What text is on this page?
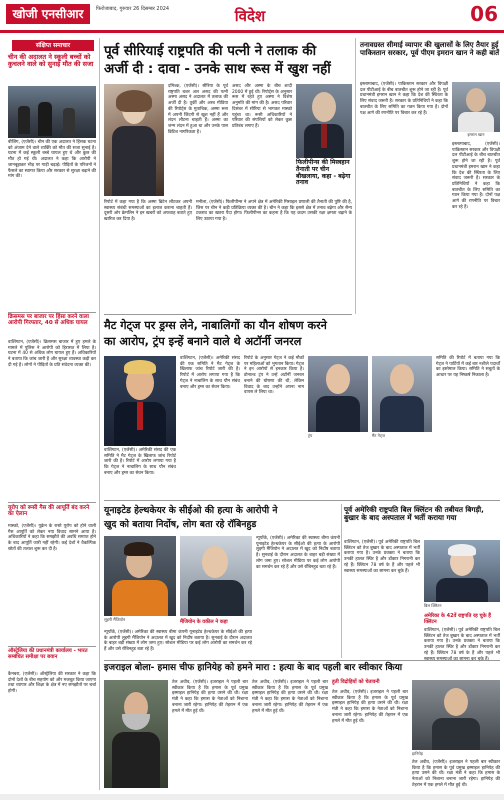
खोजी एनसीआर	फिरोजाबाद, गुरुवार 26 दिसम्बर 2024	विदेश	06
संक्षिप्त समाचार
चीन की अदालत ने स्कूली बच्चों को कुचलने वाले को सुनाई मौत की सजा
बीजिंग, (एजेंसी)। चीन की एक अदालत ने हिंसक घटना को अंजाम देने वाले व्यक्ति को मौत की सजा सुनाई है। घटना में कई स्कूली बच्चे घायल हुए थे और कुछ की मौत हो गई थी। अदालत ने कहा कि आरोपी ने जानबूझकर भीड़ पर गाड़ी चढ़ाई। पीड़ितों के परिजनों ने फैसले का स्वागत किया और सरकार से सुरक्षा बढ़ाने की मांग की।
क्रिसमस पर बाजार पर हिंसा करने वाला आरोपी गिरफ्तार, 40 से अधिक घायल
वाशिंगटन, (एजेंसी)। क्रिसमस बाजार में हुए हमले के मामले में पुलिस ने आरोपी को हिरासत में लिया है। घटना में 40 से अधिक लोग घायल हुए हैं। अधिकारियों ने बताया कि जांच जारी है और सुरक्षा व्यवस्था कड़ी कर दी गई है। लोगों ने पीड़ितों के प्रति संवेदना व्यक्त की।
यूरोप को रूसी गैस की आपूर्ति बंद करने का ऐलान
मास्को, (एजेंसी)। यूक्रेन के रास्ते यूरोप को होने वाली गैस आपूर्ति को लेकर नया विवाद सामने आया है। अधिकारियों ने कहा कि समझौते की अवधि समाप्त होने के बाद आपूर्ति जारी नहीं रहेगी। कई देशों ने वैकल्पिक स्रोतों की तलाश शुरू कर दी है।
ऑस्ट्रेलिया की प्रधानमंत्री कार्यालय - भारत सम्बंधित समीक्षा पर बयान
कैनबरा, (एजेंसी)। ऑस्ट्रेलिया की सरकार ने कहा कि दोनों देशों के बीच सहयोग को और मजबूत किया जाएगा तथा व्यापार और शिक्षा के क्षेत्र में नए समझौतों पर चर्चा होगी।
पूर्व सीरियाई राष्ट्रपति की पत्नी ने तलाक की
अर्जी दी : दावा - उनके साथ रूस में खुश नहीं
दमिश्क, (एजेंसी)। सीरिया के पूर्व राष्ट्रपति बशर अल असद की पत्नी अस्मा असद ने अदालत में तलाक की अर्जी दी है। तुर्की और अरब मीडिया की रिपोर्ट्स के मुताबिक, अस्मा रूस में अपनी जिंदगी से खुश नहीं हैं और लंदन लौटना चाहती हैं। अस्मा का जन्म लंदन में हुआ था और उनके पास ब्रिटिश नागरिकता है।
असद और अस्मा के बीच शादी 2000 में हुई थी। रिपोर्ट्स के अनुसार रूस में रहते हुए अस्मा ने विशेष अनुमति की मांग की है। असद परिवार दिसंबर में सीरिया से भागकर मास्को पहुंचा था। रूसी अधिकारियों ने परिवार की संपत्तियों को लेकर कुछ प्रतिबंध लगाए हैं।
फिलीपीन्स की मिस्त्रहान तैनाती पर चीन बौखलाया, कहा - बढ़ेगा तनाव
रिपोर्ट में कहा गया है कि अस्मा ब्रिटेन लौटकर अपनी स्वास्थ्य संबंधी समस्याओं का इलाज कराना चाहती हैं। दूसरी ओर क्रेमलिन ने इन खबरों को अफवाह बताते हुए खारिज कर दिया है।
मनीला, (एजेंसी)। फिलीपीन्स ने अपने क्षेत्र में अमेरिकी मिसाइल प्रणाली की तैनाती की पुष्टि की है, जिस पर चीन ने कड़ी प्रतिक्रिया व्यक्त की है। चीन ने कहा कि इससे क्षेत्र में तनाव बढ़ेगा और सैन्य टकराव का खतरा पैदा होगा। फिलीपीन्स का कहना है कि यह कदम उसकी रक्षा क्षमता बढ़ाने के लिए उठाया गया है।
तनावग्रस्त सीमाई व्यापार की खुलासों के लिए तैयार हुई पाकिस्तान सरकार, पूर्व पीएम इमरान खान ने कही बातें
इमरान खान
इस्लामाबाद, (एजेंसी)। पाकिस्तान सरकार और विपक्षी दल पीटीआई के बीच बातचीत शुरू होने जा रही है। पूर्व प्रधानमंत्री इमरान खान ने कहा कि देश की स्थिरता के लिए संवाद जरूरी है। सरकार के प्रतिनिधियों ने कहा कि बातचीत के लिए समिति का गठन किया गया है। दोनों पक्ष आगे की रणनीति पर विचार कर रहे हैं।
इस्लामाबाद, (एजेंसी)। पाकिस्तान सरकार और विपक्षी दल पीटीआई के बीच बातचीत शुरू होने जा रही है। पूर्व प्रधानमंत्री इमरान खान ने कहा कि देश की स्थिरता के लिए संवाद जरूरी है। सरकार के प्रतिनिधियों ने कहा कि बातचीत के लिए समिति का गठन किया गया है। दोनों पक्ष आगे की रणनीति पर विचार कर रहे हैं।
मैट गेट्ज पर ड्रग्स लेने, नाबालिगों का यौन शोषण करने
का आरोप, ट्रंप इन्हें बनाने वाले थे अटॉर्नी जनरल
वाशिंगटन, (एजेंसी)। अमेरिकी संसद की एक समिति ने मैट गेट्ज के खिलाफ जांच रिपोर्ट जारी की है। रिपोर्ट में आरोप लगाया गया है कि गेट्ज ने नाबालिग के साथ यौन संबंध बनाए और ड्रग्स का सेवन किया।
रिपोर्ट के अनुसार गेट्ज ने कई मौकों पर महिलाओं को भुगतान किया। गेट्ज ने इन आरोपों से इनकार किया है। डोनाल्ड ट्रंप ने उन्हें अटॉर्नी जनरल बनाने की घोषणा की थी, लेकिन विवाद के बाद उन्होंने अपना नाम वापस ले लिया था।
ट्रंप	मैट गेट्ज
समिति की रिपोर्ट में बताया गया कि गेट्ज ने पार्टियों में कई बार नशीले पदार्थों का इस्तेमाल किया। समिति ने सबूतों के आधार पर यह निष्कर्ष निकाला है।
वाशिंगटन, (एजेंसी)। अमेरिकी संसद की एक समिति ने मैट गेट्ज के खिलाफ जांच रिपोर्ट जारी की है। रिपोर्ट में आरोप लगाया गया है कि गेट्ज ने नाबालिग के साथ यौन संबंध बनाए और ड्रग्स का सेवन किया।
यूनाइटेड हेल्थकेयर के सीईओ की हत्या के आरोपी ने
खुद को बताया निर्दोष, लोग बता रहे रॉबिनहुड
लुइगी मैंजियोन
न्यूयॉर्क, (एजेंसी)। अमेरिका की स्वास्थ्य बीमा कंपनी यूनाइटेड हेल्थकेयर के सीईओ की हत्या के आरोपी लुइगी मैंजियोन ने अदालत में खुद को निर्दोष बताया है। सुनवाई के दौरान अदालत के बाहर बड़ी संख्या में लोग जमा हुए। सोशल मीडिया पर कई लोग आरोपी का समर्थन कर रहे हैं और उसे रॉबिनहुड बता रहे हैं।
मैंजियोन के वकील ने कहा
न्यूयॉर्क, (एजेंसी)। अमेरिका की स्वास्थ्य बीमा कंपनी यूनाइटेड हेल्थकेयर के सीईओ की हत्या के आरोपी लुइगी मैंजियोन ने अदालत में खुद को निर्दोष बताया है। सुनवाई के दौरान अदालत के बाहर बड़ी संख्या में लोग जमा हुए। सोशल मीडिया पर कई लोग आरोपी का समर्थन कर रहे हैं और उसे रॉबिनहुड बता रहे हैं।
पूर्व अमेरिकी राष्ट्रपति बिल क्लिंटन की तबीयत बिगड़ी, बुखार के बाद अस्पताल में भर्ती कराया गया
वाशिंगटन, (एजेंसी)। पूर्व अमेरिकी राष्ट्रपति बिल क्लिंटन को तेज बुखार के बाद अस्पताल में भर्ती कराया गया है। उनके प्रवक्ता ने बताया कि उनकी हालत स्थिर है और डॉक्टर निगरानी कर रहे हैं। क्लिंटन 78 वर्ष के हैं और पहले भी स्वास्थ्य समस्याओं का सामना कर चुके हैं।
बिल क्लिंटन
अमेरिका के 42वें राष्ट्रपति रह चुके हैं क्लिंटन
वाशिंगटन, (एजेंसी)। पूर्व अमेरिकी राष्ट्रपति बिल क्लिंटन को तेज बुखार के बाद अस्पताल में भर्ती कराया गया है। उनके प्रवक्ता ने बताया कि उनकी हालत स्थिर है और डॉक्टर निगरानी कर रहे हैं। क्लिंटन 78 वर्ष के हैं और पहले भी
इजराइल बोला- हमास चीफ हानियेह को हमने मारा : हत्या के बाद पहली बार स्वीकार किया
तेल अवीव, (एजेंसी)। इजराइल ने पहली बार स्वीकार किया है कि हमास के पूर्व प्रमुख इस्माइल हानियेह की हत्या उसने की थी। रक्षा मंत्री ने कहा कि हमास के नेताओं को निशाना बनाना जारी रहेगा। हानियेह की तेहरान में एक हमले में मौत हुई थी।
तेल अवीव, (एजेंसी)। इजराइल ने पहली बार स्वीकार किया है कि हमास के पूर्व प्रमुख इस्माइल हानियेह की हत्या उसने की थी। रक्षा मंत्री ने कहा कि हमास के नेताओं को निशाना बनाना जारी रहेगा। हानियेह की तेहरान में एक हमले में मौत हुई थी।
हुती विद्रोहियों को चेतावनी
तेल अवीव, (एजेंसी)। इजराइल ने पहली बार स्वीकार किया है कि हमास के पूर्व प्रमुख इस्माइल हानियेह की हत्या उसने की थी। रक्षा मंत्री ने कहा कि हमास के नेताओं को निशाना बनाना जारी रहेगा। हानियेह की तेहरान में एक हमले में मौत हुई थी।
हानियेह
तेल अवीव, (एजेंसी)। इजराइल ने पहली बार स्वीकार किया है कि हमास के पूर्व प्रमुख इस्माइल हानियेह की हत्या उसने की थी। रक्षा मंत्री ने कहा कि हमास के नेताओं को निशाना बनाना जारी रहेगा। हानियेह की तेहरान में एक हमले में मौत हुई थी।
